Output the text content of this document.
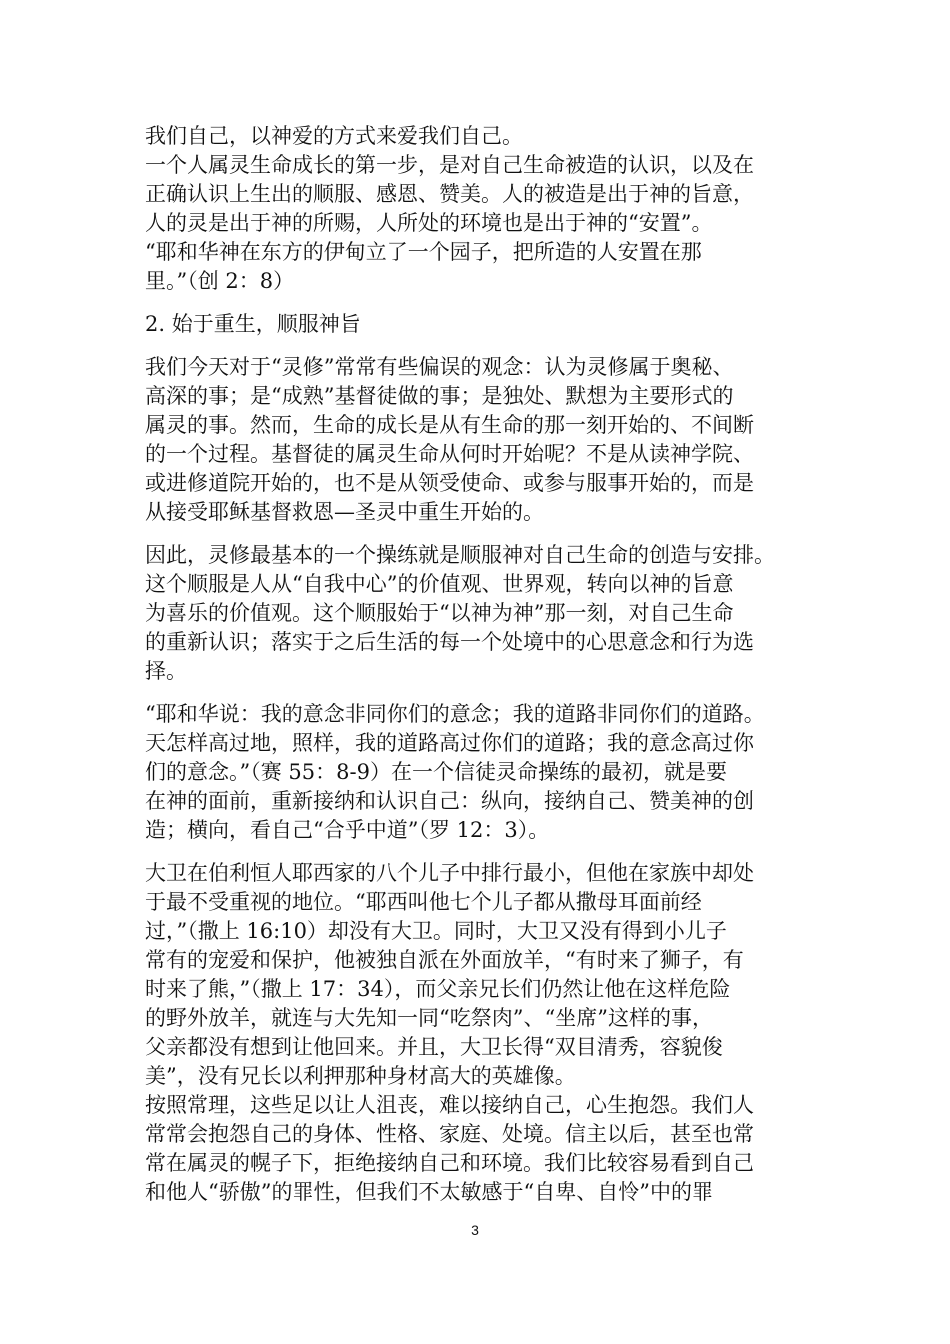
我们自己，以神爱的方式来爱我们自己。

一个人属灵生命成长的第一步，是对自己生命被造的认识，以及在
正确认识上生出的顺服、感恩、赞美。人的被造是出于神的旨意，
人的灵是出于神的所赐，人所处的环境也是出于神的“安置”。
“耶和华神在东方的伊甸立了一个园子，把所造的人安置在那
里。”（创 2：8）

2. 始于重生，顺服神旨

我们今天对于“灵修”常常有些偏误的观念：认为灵修属于奥秘、
高深的事；是“成熟”基督徒做的事；是独处、默想为主要形式的
属灵的事。然而，生命的成长是从有生命的那一刻开始的、不间断
的一个过程。基督徒的属灵生命从何时开始呢？不是从读神学院、
或进修道院开始的，也不是从领受使命、或参与服事开始的，而是
从接受耶稣基督救恩—圣灵中重生开始的。

因此，灵修最基本的一个操练就是顺服神对自己生命的创造与安排。
这个顺服是人从“自我中心”的价值观、世界观，转向以神的旨意
为喜乐的价值观。这个顺服始于“以神为神”那一刻，对自己生命
的重新认识；落实于之后生活的每一个处境中的心思意念和行为选
择。

“耶和华说：我的意念非同你们的意念；我的道路非同你们的道路。
天怎样高过地，照样，我的道路高过你们的道路；我的意念高过你
们的意念。”（赛 55：8-9）在一个信徒灵命操练的最初，就是要
在神的面前，重新接纳和认识自己：纵向，接纳自己、赞美神的创
造；横向，看自己“合乎中道”（罗 12：3）。

大卫在伯利恒人耶西家的八个儿子中排行最小，但他在家族中却处
于最不受重视的地位。“耶西叫他七个儿子都从撒母耳面前经
过，”（撒上 16:10）却没有大卫。同时，大卫又没有得到小儿子
常有的宠爱和保护，他被独自派在外面放羊，“有时来了狮子，有
时来了熊，”（撒上 17：34），而父亲兄长们仍然让他在这样危险
的野外放羊，就连与大先知一同“吃祭肉”、“坐席”这样的事，
父亲都没有想到让他回来。并且，大卫长得“双目清秀，容貌俊
美”，没有兄长以利押那种身材高大的英雄像。

按照常理，这些足以让人沮丧，难以接纳自己，心生抱怨。我们人
常常会抱怨自己的身体、性格、家庭、处境。信主以后，甚至也常
常在属灵的幌子下，拒绝接纳自己和环境。我们比较容易看到自己
和他人“骄傲”的罪性，但我们不太敏感于“自卑、自怜”中的罪

3
